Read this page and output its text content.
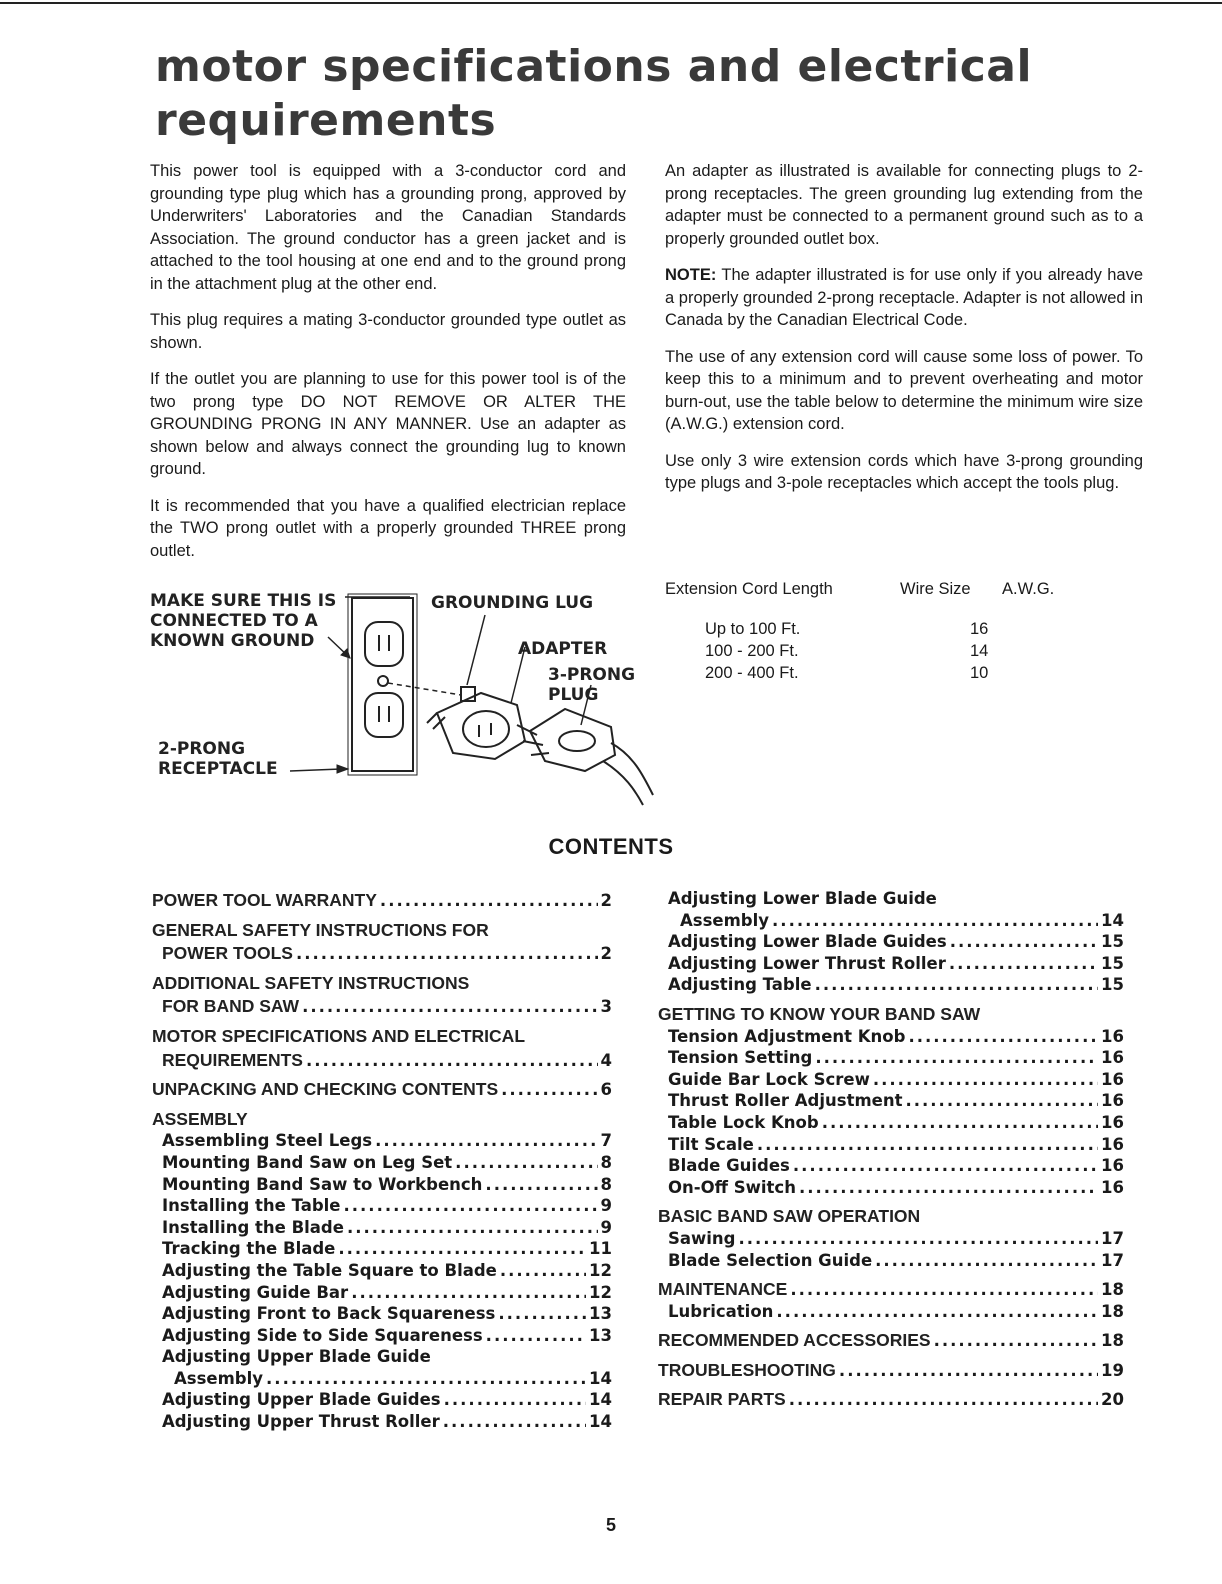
motor specifications and electrical requirements

This power tool is equipped with a 3-conductor cord and grounding type plug which has a grounding prong, approved by Underwriters' Laboratories and the Canadian Standards Association. The ground conductor has a green jacket and is attached to the tool housing at one end and to the ground prong in the attachment plug at the other end.

This plug requires a mating 3-conductor grounded type outlet as shown.

If the outlet you are planning to use for this power tool is of the two prong type DO NOT REMOVE OR ALTER THE GROUNDING PRONG IN ANY MANNER. Use an adapter as shown below and always connect the grounding lug to known ground.

It is recommended that you have a qualified electrician replace the TWO prong outlet with a properly grounded THREE prong outlet.

An adapter as illustrated is available for connecting plugs to 2-prong receptacles. The green grounding lug extending from the adapter must be connected to a permanent ground such as to a properly grounded outlet box.

NOTE: The adapter illustrated is for use only if you already have a properly grounded 2-prong receptacle. Adapter is not allowed in Canada by the Canadian Electrical Code.

The use of any extension cord will cause some loss of power. To keep this to a minimum and to prevent overheating and motor burn-out, use the table below to determine the minimum wire size (A.W.G.) extension cord.

Use only 3 wire extension cords which have 3-prong grounding type plugs and 3-pole receptacles which accept the tools plug.

Extension Cord Length	Wire Size A.W.G.
Up to 100 Ft.	16
100 - 200 Ft.	14
200 - 400 Ft.	10
MAKE SURE THIS IS
CONNECTED TO A
KNOWN GROUND
GROUNDING LUG
ADAPTER
3-PRONG
PLUG
2-PRONG
RECEPTACLE
CONTENTS
POWER TOOL WARRANTY .....	2
GENERAL SAFETY INSTRUCTIONS FOR
POWER TOOLS .....	2
ADDITIONAL SAFETY INSTRUCTIONS
FOR BAND SAW .....	3
MOTOR SPECIFICATIONS AND ELECTRICAL
REQUIREMENTS .....	4
UNPACKING AND CHECKING CONTENTS .....	6
ASSEMBLY
Assembling Steel Legs .....	7
Mounting Band Saw on Leg Set .....	8
Mounting Band Saw to Workbench .....	8
Installing the Table .....	9
Installing the Blade .....	9
Tracking the Blade .....	11
Adjusting the Table Square to Blade .....	12
Adjusting Guide Bar .....	12
Adjusting Front to Back Squareness .....	13
Adjusting Side to Side Squareness .....	13
Adjusting Upper Blade Guide
Assembly .....	14
Adjusting Upper Blade Guides .....	14
Adjusting Upper Thrust Roller .....	14
Adjusting Lower Blade Guide
Assembly .....	14
Adjusting Lower Blade Guides .....	15
Adjusting Lower Thrust Roller .....	15
Adjusting Table .....	15
GETTING TO KNOW YOUR BAND SAW
Tension Adjustment Knob .....	16
Tension Setting .....	16
Guide Bar Lock Screw .....	16
Thrust Roller Adjustment .....	16
Table Lock Knob .....	16
Tilt Scale .....	16
Blade Guides .....	16
On-Off Switch .....	16
BASIC BAND SAW OPERATION
Sawing .....	17
Blade Selection Guide .....	17
MAINTENANCE .....	18
Lubrication .....	18
RECOMMENDED ACCESSORIES .....	18
TROUBLESHOOTING .....	19
REPAIR PARTS .....	20
5
